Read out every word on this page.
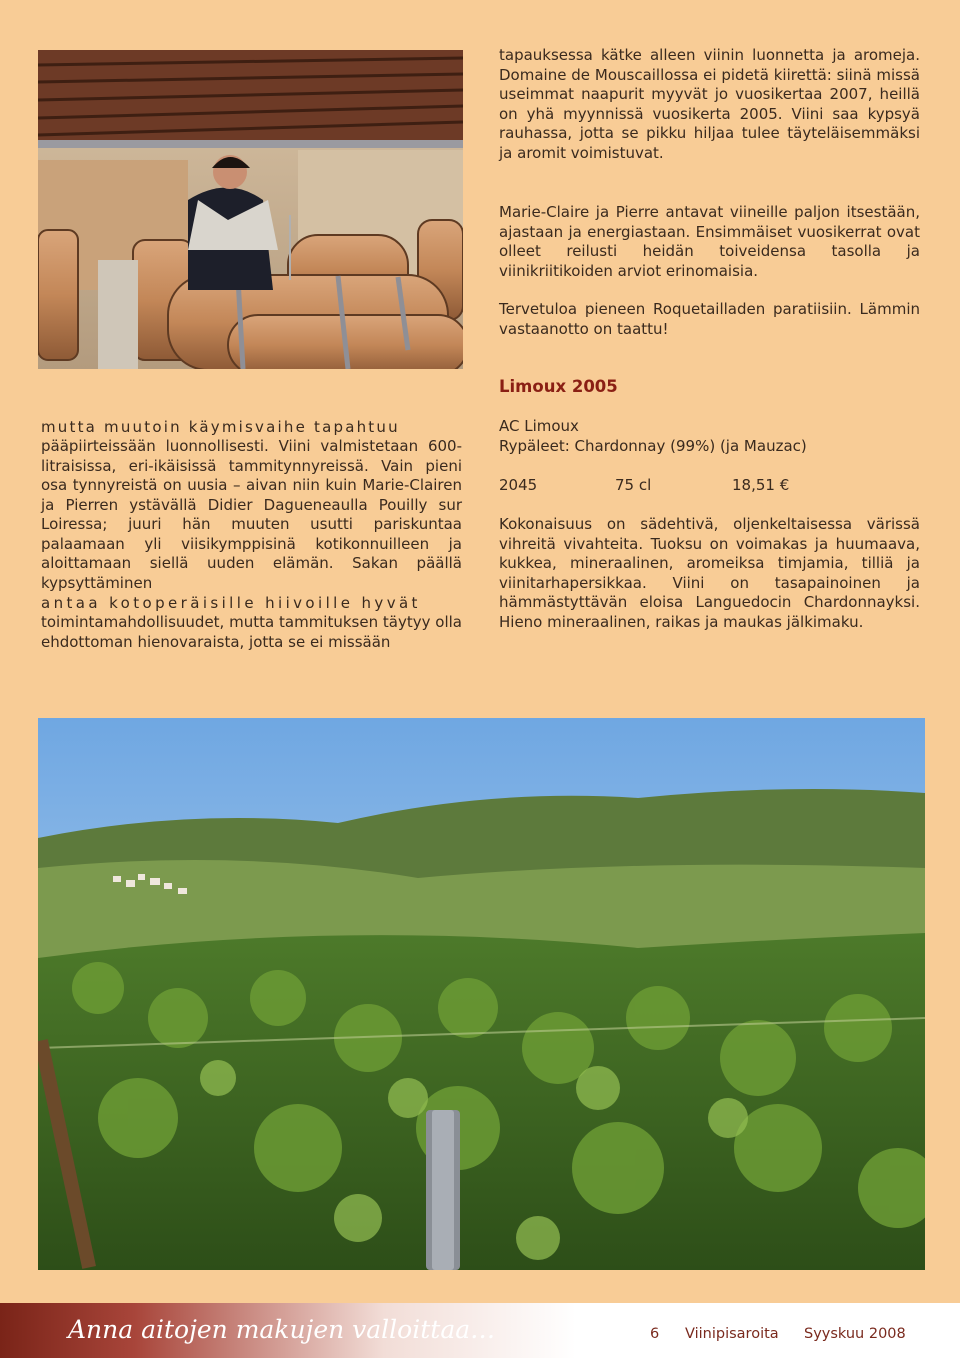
tapauksessa kätke alleen viinin luonnetta ja aromeja. Domaine de Mouscaillossa ei pidetä kiirettä: siinä missä useimmat naapurit myyvät jo vuosikertaa 2007, heillä on yhä myynnissä vuosikerta 2005. Viini saa kypsyä rauhassa, jotta se pikku hiljaa tulee täyteläisemmäksi ja aromit voimistuvat.

Marie-Claire ja Pierre antavat viineille paljon itsestään, ajastaan ja energiastaan. Ensimmäiset vuosikerrat ovat olleet reilusti heidän toiveidensa tasolla ja viinikriitikoiden arviot erinomaisia.

Tervetuloa pieneen Roquetailladen paratiisiin. Lämmin vastaanotto on taattu!

Limoux 2005

AC Limoux

Rypäleet: Chardonnay (99%) (ja Mauzac)

2045	75 cl	18,51 €

Kokonaisuus on sädehtivä, oljenkeltaisessa värissä vihreitä vivahteita. Tuoksu on voimakas ja huumaava, kukkea, mineraalinen, aromeiksa timjamia, tilliä ja viinitarhapersikkaa. Viini on tasapainoinen ja hämmästyttävän eloisa Languedocin Chardonnayksi. Hieno mineraalinen, raikas ja maukas jälkimaku.

mutta muutoin käymisvaihe tapahtuu

pääpiirteissään luonnollisesti. Viini valmistetaan 600-litraisissa, eri-ikäisissä tammitynnyreissä. Vain pieni osa tynnyreistä on uusia – aivan niin kuin Marie-Clairen ja Pierren ystävällä Didier Dagueneaulla Pouilly sur Loiressa; juuri hän muuten usutti pariskuntaa palaamaan yli viisikymppisinä kotikonnuilleen ja aloittamaan siellä uuden elämän. Sakan päällä kypsyttäminen

antaa kotoperäisille hiivoille hyvät

toimintamahdollisuudet, mutta tammituksen täytyy olla ehdottoman hienovaraista, jotta se ei missään

Anna aitojen makujen valloittaa…	6 Viinipisaroita Syyskuu 2008
